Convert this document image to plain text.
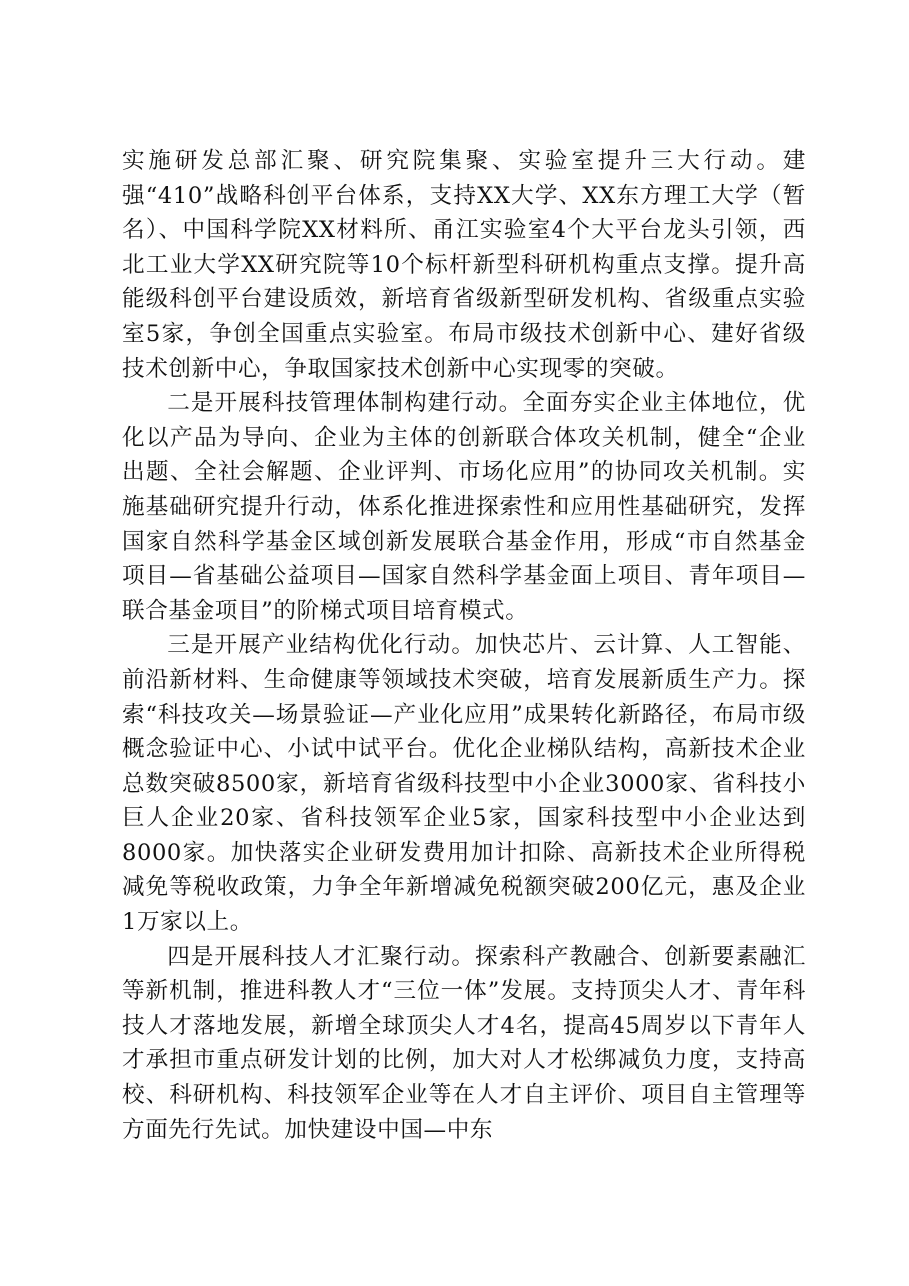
实施研发总部汇聚、研究院集聚、实验室提升三大行动。建强“410”战略科创平台体系，支持XX大学、XX东方理工大学（暂名）、中国科学院XX材料所、甬江实验室4个大平台龙头引领，西北工业大学XX研究院等10个标杆新型科研机构重点支撑。提升高能级科创平台建设质效，新培育省级新型研发机构、省级重点实验室5家，争创全国重点实验室。布局市级技术创新中心、建好省级技术创新中心，争取国家技术创新中心实现零的突破。

二是开展科技管理体制构建行动。全面夯实企业主体地位，优化以产品为导向、企业为主体的创新联合体攻关机制，健全“企业出题、全社会解题、企业评判、市场化应用”的协同攻关机制。实施基础研究提升行动，体系化推进探索性和应用性基础研究，发挥国家自然科学基金区域创新发展联合基金作用，形成“市自然基金项目—省基础公益项目—国家自然科学基金面上项目、青年项目—联合基金项目”的阶梯式项目培育模式。

三是开展产业结构优化行动。加快芯片、云计算、人工智能、前沿新材料、生命健康等领域技术突破，培育发展新质生产力。探索“科技攻关—场景验证—产业化应用”成果转化新路径，布局市级概念验证中心、小试中试平台。优化企业梯队结构，高新技术企业总数突破8500家，新培育省级科技型中小企业3000家、省科技小巨人企业20家、省科技领军企业5家，国家科技型中小企业达到8000家。加快落实企业研发费用加计扣除、高新技术企业所得税减免等税收政策，力争全年新增减免税额突破200亿元，惠及企业1万家以上。

四是开展科技人才汇聚行动。探索科产教融合、创新要素融汇等新机制，推进科教人才“三位一体”发展。支持顶尖人才、青年科技人才落地发展，新增全球顶尖人才4名，提高45周岁以下青年人才承担市重点研发计划的比例，加大对人才松绑减负力度，支持高校、科研机构、科技领军企业等在人才自主评价、项目自主管理等方面先行先试。加快建设中国—中东
